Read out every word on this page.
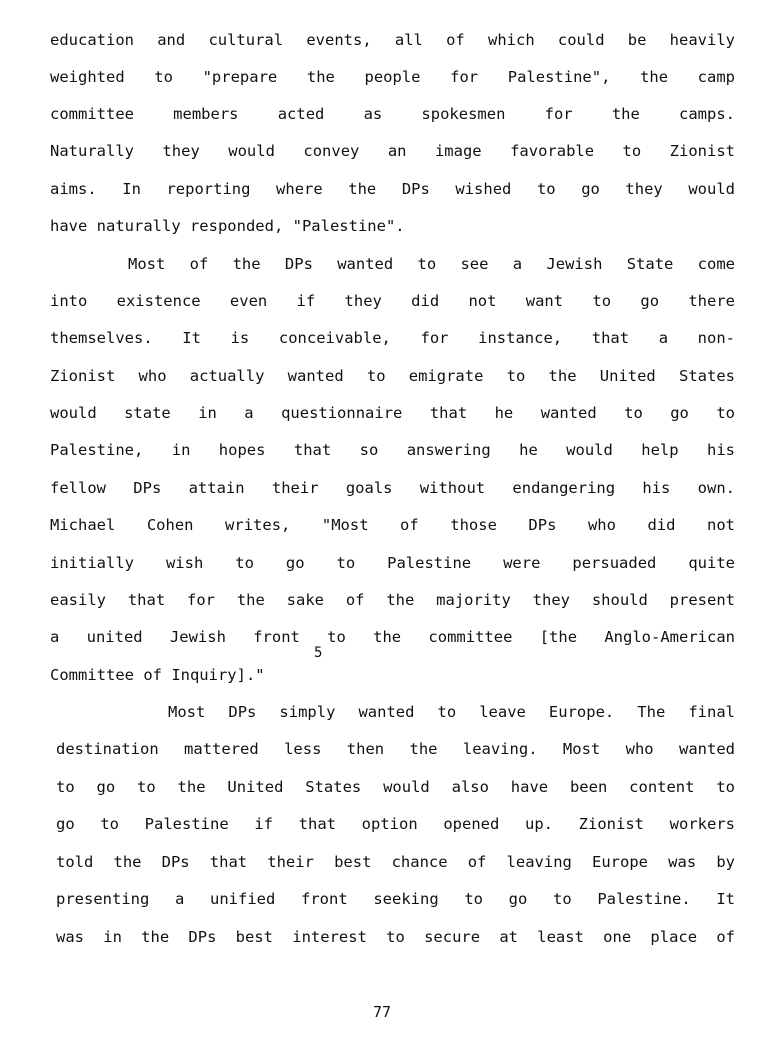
education and cultural events, all of which could be heavily
weighted to "prepare the people for Palestine", the camp
committee members acted as spokesmen for the camps.
Naturally they would convey an image favorable to Zionist
aims. In reporting where the DPs wished to go they would
have naturally responded, "Palestine".
Most of the DPs wanted to see a Jewish State come
into existence even if they did not want to go there
themselves. It is conceivable, for instance, that a non-
Zionist who actually wanted to emigrate to the United States
would state in a questionnaire that he wanted to go to
Palestine, in hopes that so answering he would help his
fellow DPs attain their goals without endangering his own.
Michael Cohen writes, "Most of those DPs who did not
initially wish to go to Palestine were persuaded quite
easily that for the sake of the majority they should present
a united Jewish front to the committee [the Anglo-American
5
Committee of Inquiry]."
Most DPs simply wanted to leave Europe. The final
destination mattered less then the leaving. Most who wanted
to go to the United States would also have been content to
go to Palestine if that option opened up. Zionist workers
told the DPs that their best chance of leaving Europe was by
presenting a unified front seeking to go to Palestine. It
was in the DPs best interest to secure at least one place of
77
